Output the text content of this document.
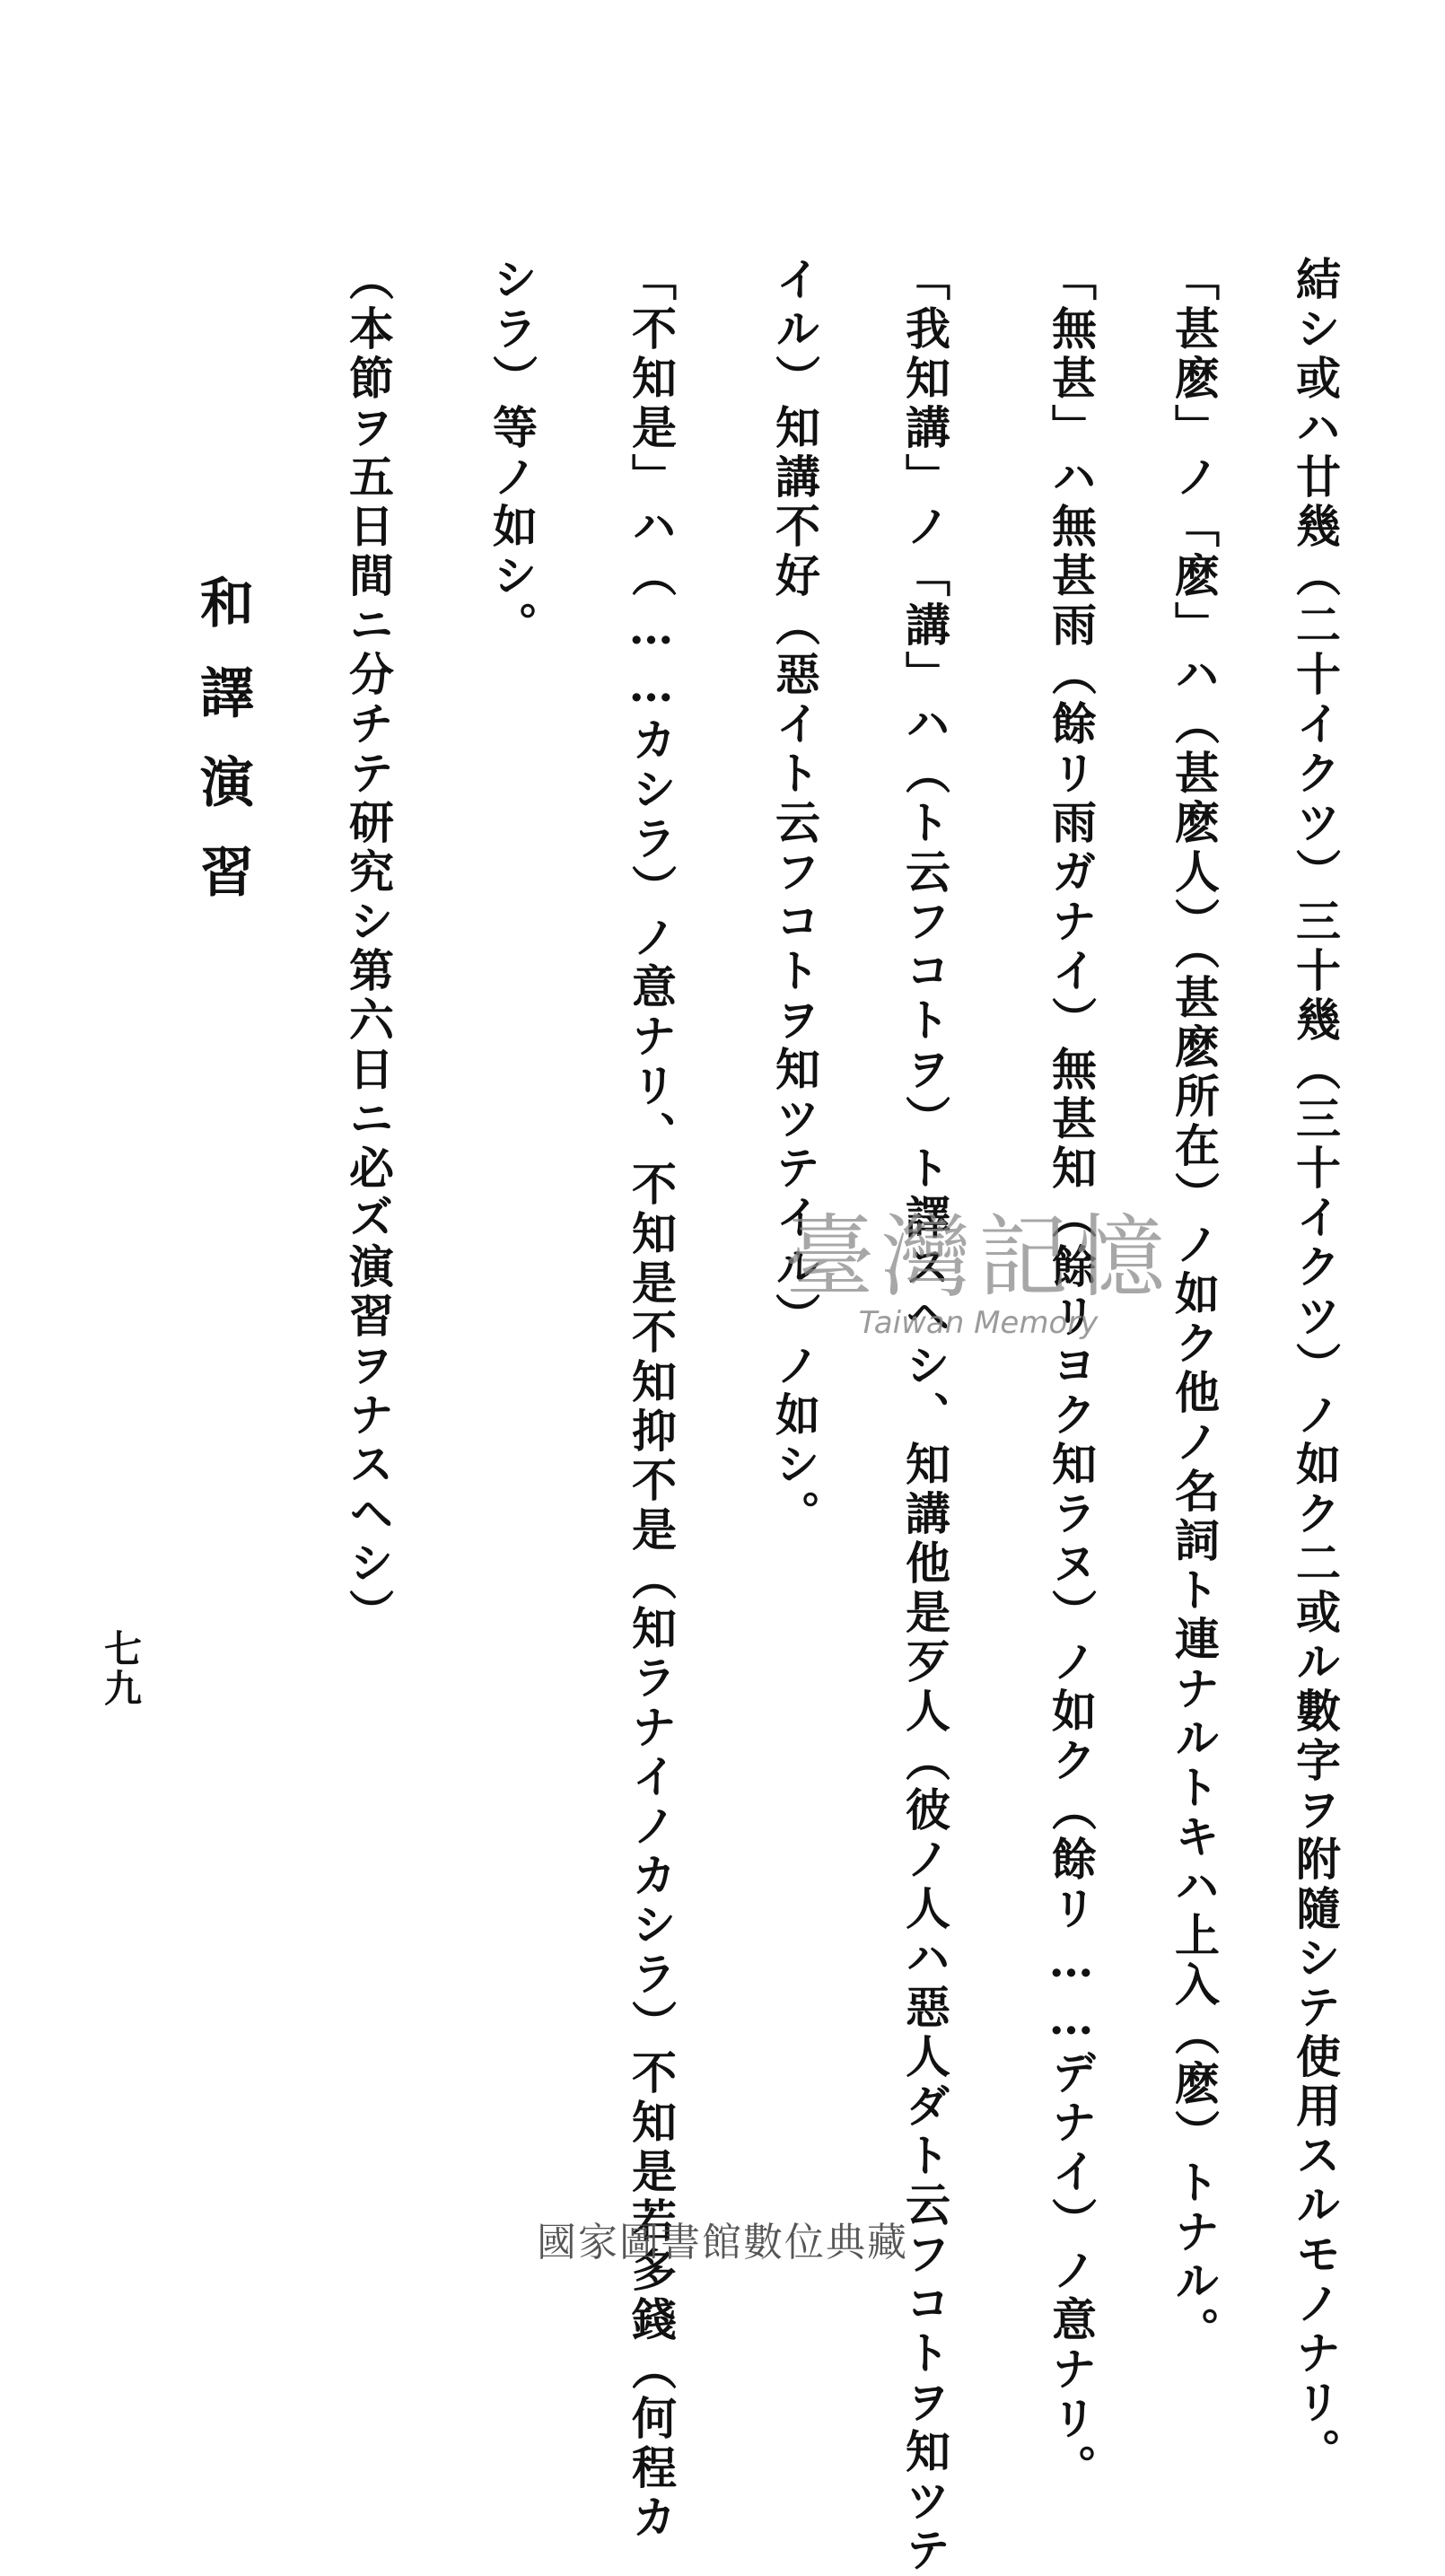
結シ或ハ廿幾（二十イクツ）三十幾（三十イクツ）ノ如ク二或ル數字ヲ附隨シテ使用スルモノナリ。
「甚麽」ノ「麽」ハ（甚麽人）（甚麽所在）ノ如ク他ノ名詞ト連ナルトキハ上入（麽）トナル。
「無甚」ハ無甚雨（餘リ雨ガナイ）無甚知（餘リヨク知ラヌ）ノ如ク（餘リ……デナイ）ノ意ナリ。
「我知講」ノ「講」ハ（ト云フコトヲ）ト譯スヘシ、知講他是歹人（彼ノ人ハ惡人ダト云フコトヲ知ツテ
イル）知講不好（惡イト云フコトヲ知ツテイル）ノ如シ。
「不知是」ハ（……カシラ）ノ意ナリ、不知是不知抑不是（知ラナイノカシラ）不知是若多錢（何程カ
シラ）等ノ如シ。
（本節ヲ五日間ニ分チテ研究シ第六日ニ必ズ演習ヲナスヘシ）
和譯演習
七九
臺灣記憶
Taiwan Memory
國家圖書館數位典藏
